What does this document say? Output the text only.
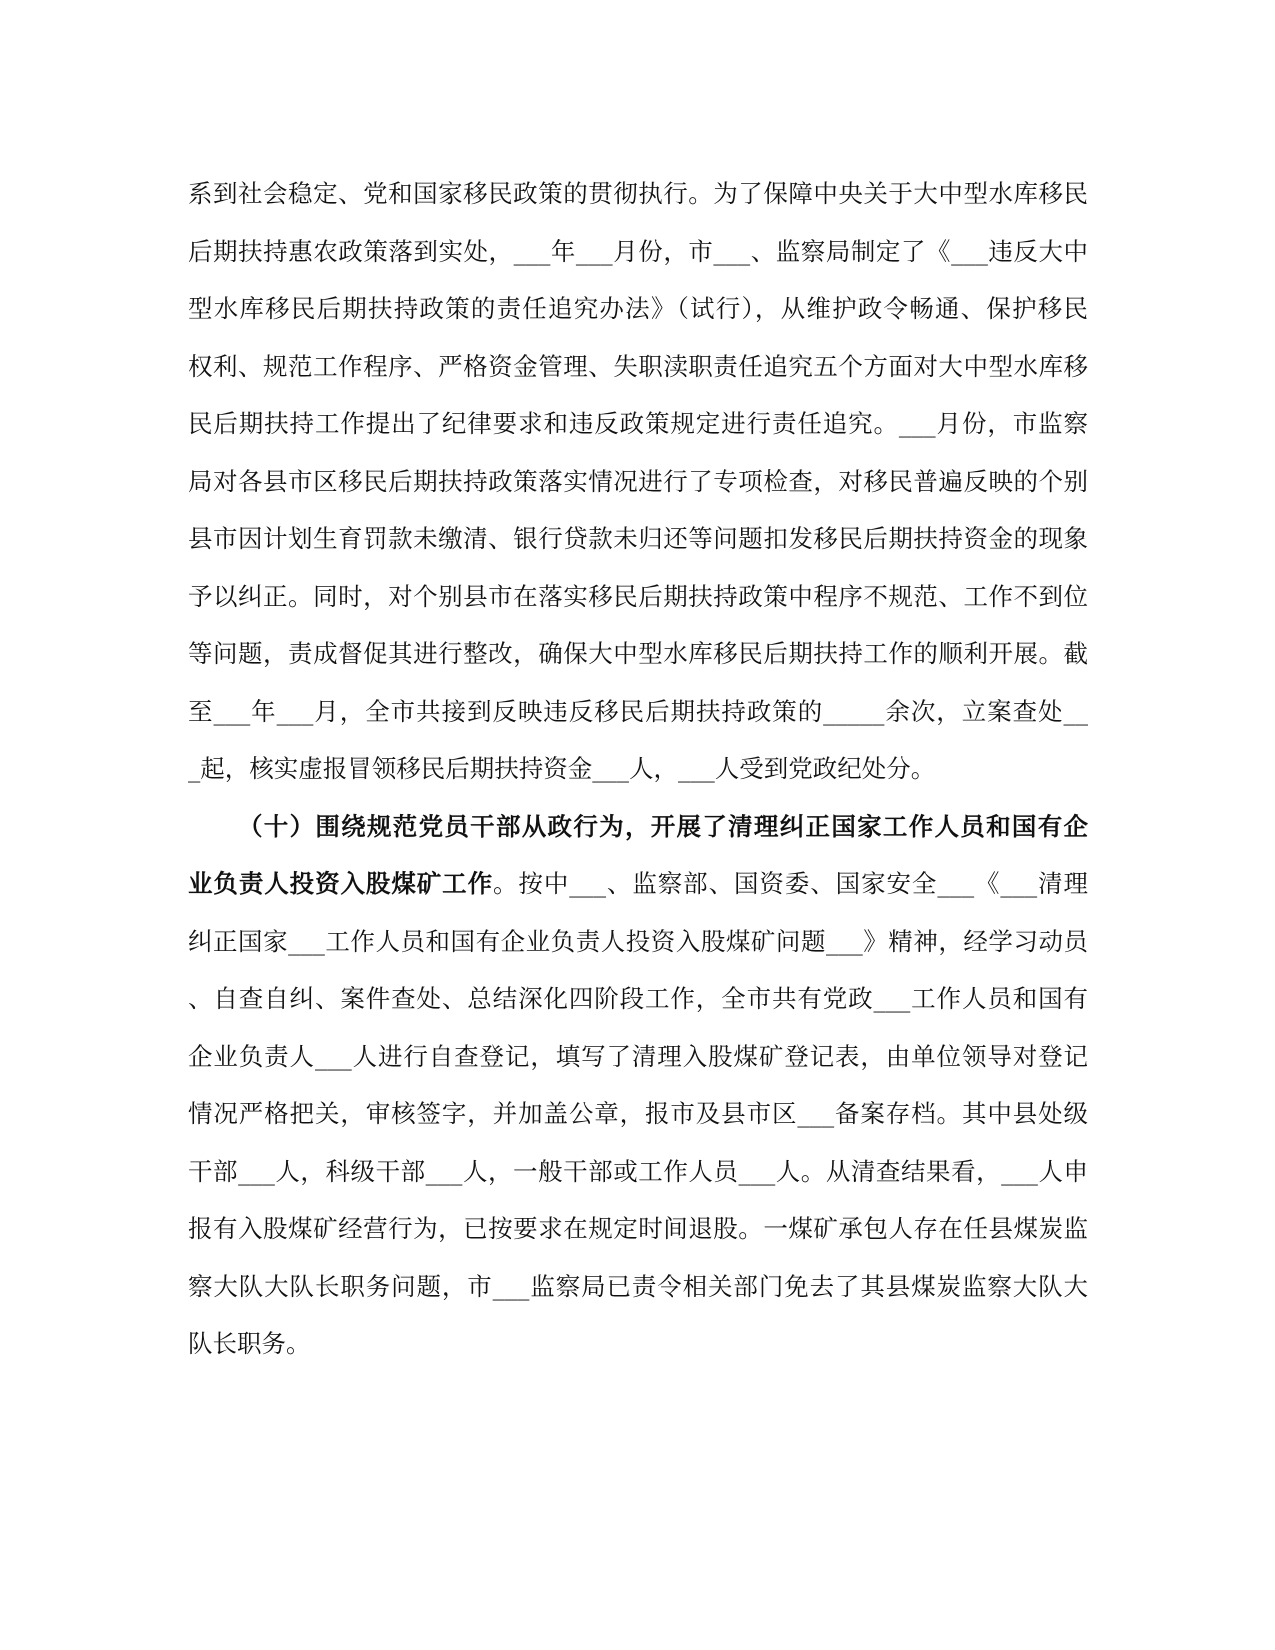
系到社会稳定、党和国家移民政策的贯彻执行。为了保障中央关于大中型水库移民
后期扶持惠农政策落到实处，___年___月份，市___、监察局制定了《___违反大中
型水库移民后期扶持政策的责任追究办法》（试行），从维护政令畅通、保护移民
权利、规范工作程序、严格资金管理、失职渎职责任追究五个方面对大中型水库移
民后期扶持工作提出了纪律要求和违反政策规定进行责任追究。___月份，市监察
局对各县市区移民后期扶持政策落实情况进行了专项检查，对移民普遍反映的个别
县市因计划生育罚款未缴清、银行贷款未归还等问题扣发移民后期扶持资金的现象
予以纠正。同时，对个别县市在落实移民后期扶持政策中程序不规范、工作不到位
等问题，责成督促其进行整改，确保大中型水库移民后期扶持工作的顺利开展。截
至___年___月，全市共接到反映违反移民后期扶持政策的_____余次，立案查处__
_起，核实虚报冒领移民后期扶持资金___人，___人受到党政纪处分。
（十）围绕规范党员干部从政行为，开展了清理纠正国家工作人员和国有企
业负责人投资入股煤矿工作。按中___、监察部、国资委、国家安全___《___清理
纠正国家___工作人员和国有企业负责人投资入股煤矿问题___》精神，经学习动员
、自查自纠、案件查处、总结深化四阶段工作，全市共有党政___工作人员和国有
企业负责人___人进行自查登记，填写了清理入股煤矿登记表，由单位领导对登记
情况严格把关，审核签字，并加盖公章，报市及县市区___备案存档。其中县处级
干部___人，科级干部___人，一般干部或工作人员___人。从清查结果看，___人申
报有入股煤矿经营行为，已按要求在规定时间退股。一煤矿承包人存在任县煤炭监
察大队大队长职务问题，市___监察局已责令相关部门免去了其县煤炭监察大队大
队长职务。
